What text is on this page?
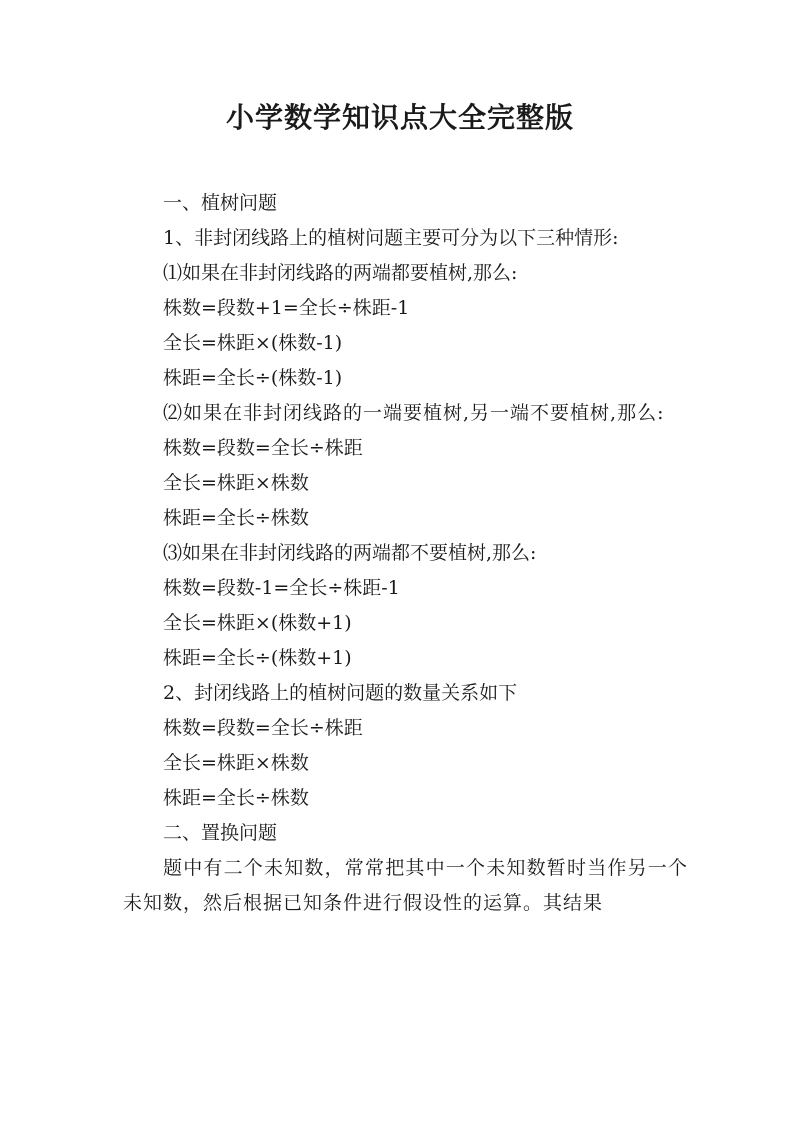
小学数学知识点大全完整版

一、植树问题

1、非封闭线路上的植树问题主要可分为以下三种情形:

⑴如果在非封闭线路的两端都要植树,那么:

株数=段数+1=全长÷株距-1

全长=株距×(株数-1)

株距=全长÷(株数-1)

⑵如果在非封闭线路的一端要植树,另一端不要植树,那么:

株数=段数=全长÷株距

全长=株距×株数

株距=全长÷株数

⑶如果在非封闭线路的两端都不要植树,那么:

株数=段数-1=全长÷株距-1

全长=株距×(株数+1)

株距=全长÷(株数+1)

2、封闭线路上的植树问题的数量关系如下

株数=段数=全长÷株距

全长=株距×株数

株距=全长÷株数

二、置换问题

题中有二个未知数，常常把其中一个未知数暂时当作另一个未知数，然后根据已知条件进行假设性的运算。其结果
